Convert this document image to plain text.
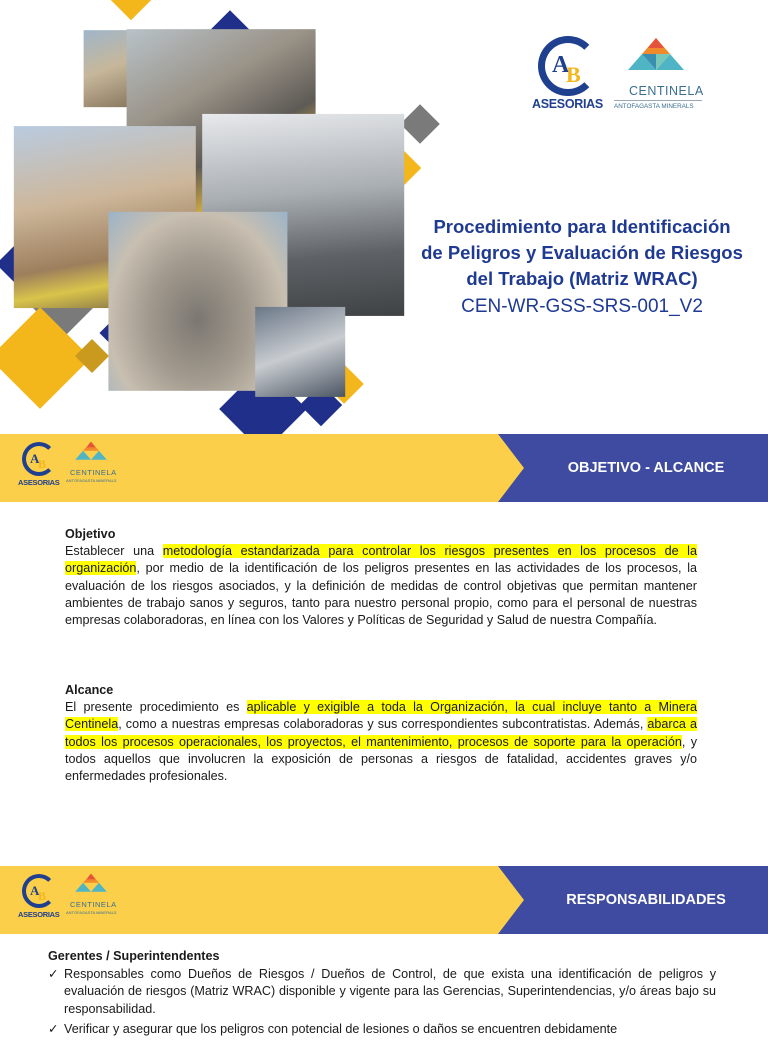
A
B
ASESORIAS
CENTINELA
ANTOFAGASTA MINERALS
Procedimiento para Identificación
de Peligros y Evaluación de Riesgos
del Trabajo (Matriz WRAC)
CEN-WR-GSS-SRS-001_V2
A
B
ASESORIAS
CENTINELA
ANTOFAGASTA MINERALS
OBJETIVO - ALCANCE
Objetivo

Establecer una metodología estandarizada para controlar los riesgos presentes en los procesos de la organización, por medio de la identificación de los peligros presentes en las actividades de los procesos, la evaluación de los riesgos asociados, y la definición de medidas de control objetivas que permitan mantener ambientes de trabajo sanos y seguros, tanto para nuestro personal propio, como para el personal de nuestras empresas colaboradoras, en línea con los Valores y Políticas de Seguridad y Salud de nuestra Compañía.

Alcance

El presente procedimiento es aplicable y exigible a toda la Organización, la cual incluye tanto a Minera Centinela, como a nuestras empresas colaboradoras y sus correspondientes subcontratistas. Además, abarca a todos los procesos operacionales, los proyectos, el mantenimiento, procesos de soporte para la operación, y todos aquellos que involucren la exposición de personas a riesgos de fatalidad, accidentes graves y/o enfermedades profesionales.

A
B
ASESORIAS
CENTINELA
ANTOFAGASTA MINERALS
RESPONSABILIDADES
Gerentes / Superintendentes
✓ Responsables como Dueños de Riesgos / Dueños de Control, de que exista una identificación de peligros y evaluación de riesgos (Matriz WRAC) disponible y vigente para las Gerencias, Superintendencias, y/o áreas bajo su responsabilidad.
✓ Verificar y asegurar que los peligros con potencial de lesiones o daños se encuentren debidamente
